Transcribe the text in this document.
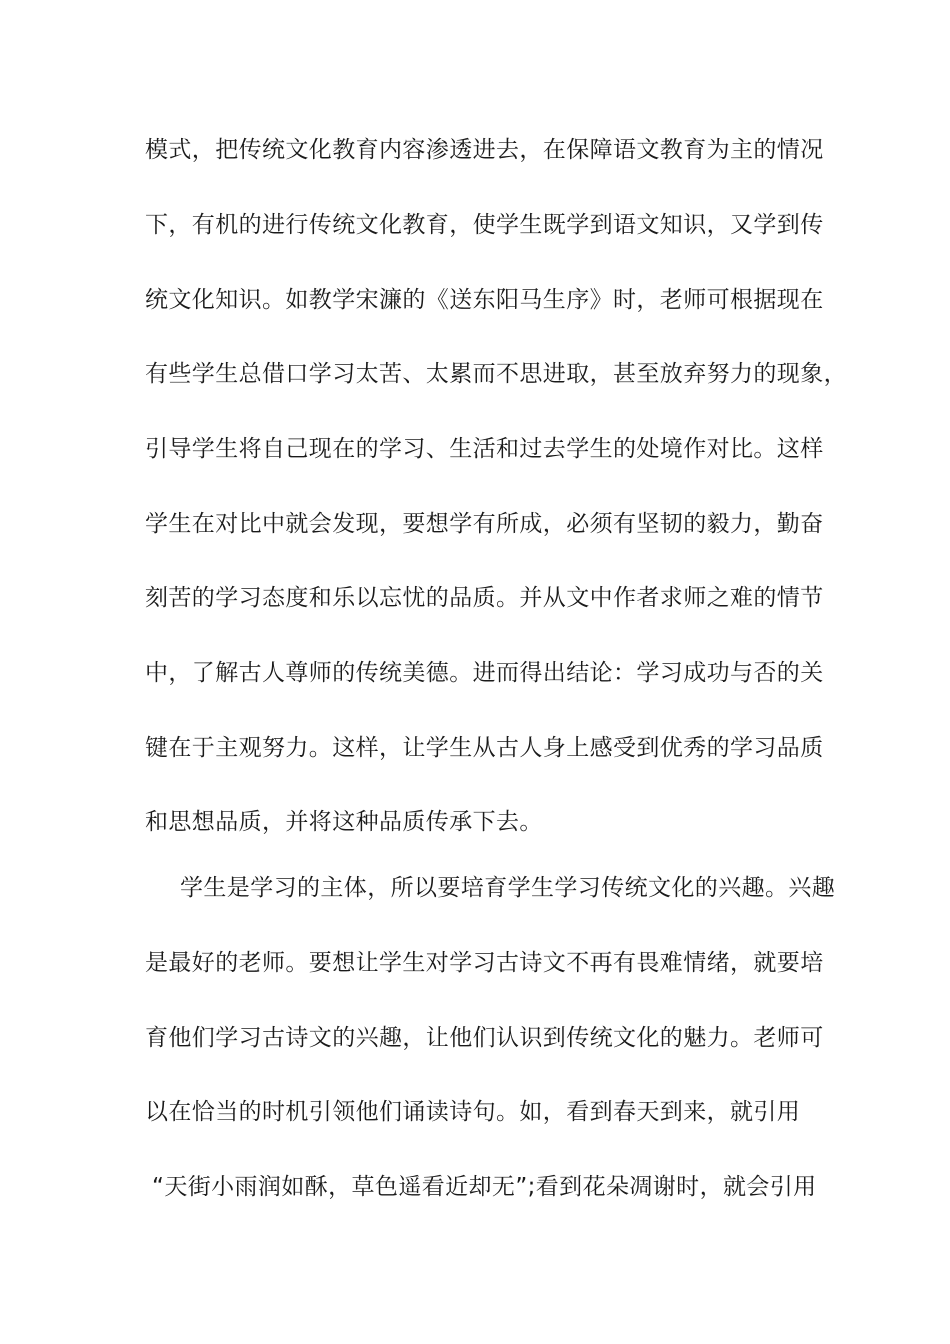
模式，把传统文化教育内容渗透进去，在保障语文教育为主的情况
下，有机的进行传统文化教育，使学生既学到语文知识，又学到传
统文化知识。如教学宋濂的《送东阳马生序》时，老师可根据现在
有些学生总借口学习太苦、太累而不思进取，甚至放弃努力的现象，
引导学生将自己现在的学习、生活和过去学生的处境作对比。这样
学生在对比中就会发现，要想学有所成，必须有坚韧的毅力，勤奋
刻苦的学习态度和乐以忘忧的品质。并从文中作者求师之难的情节
中，了解古人尊师的传统美德。进而得出结论：学习成功与否的关
键在于主观努力。这样，让学生从古人身上感受到优秀的学习品质
和思想品质，并将这种品质传承下去。
学生是学习的主体，所以要培育学生学习传统文化的兴趣。兴趣
是最好的老师。要想让学生对学习古诗文不再有畏难情绪，就要培
育他们学习古诗文的兴趣，让他们认识到传统文化的魅力。老师可
以在恰当的时机引领他们诵读诗句。如，看到春天到来，就引用
“天街小雨润如酥，草色遥看近却无”;看到花朵凋谢时，就会引用
